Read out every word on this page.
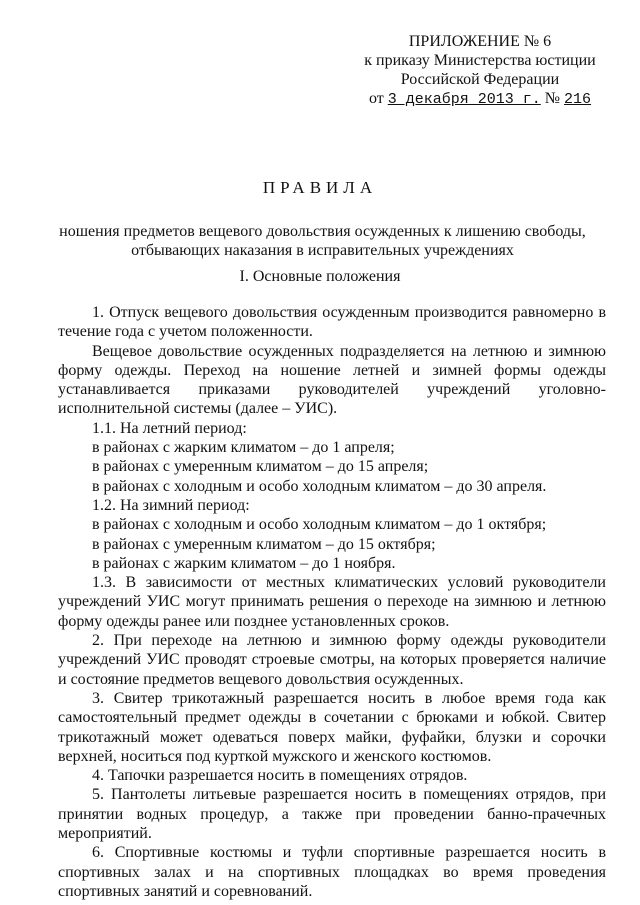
ПРИЛОЖЕНИЕ № 6
к приказу Министерства юстиции
Российской Федерации
от 3 декабря 2013 г. № 216
ПРАВИЛА
ношения предметов вещевого довольствия осужденных к лишению свободы, отбывающих наказания в исправительных учреждениях
I. Основные положения

1. Отпуск вещевого довольствия осужденным производится равномерно в течение года с учетом положенности.

Вещевое довольствие осужденных подразделяется на летнюю и зимнюю форму одежды. Переход на ношение летней и зимней формы одежды устанавливается приказами руководителей учреждений уголовно-исполнительной системы (далее – УИС).

1.1. На летний период:

в районах с жарким климатом – до 1 апреля;

в районах с умеренным климатом – до 15 апреля;

в районах с холодным и особо холодным климатом – до 30 апреля.

1.2. На зимний период:

в районах с холодным и особо холодным климатом – до 1 октября;

в районах с умеренным климатом – до 15 октября;

в районах с жарким климатом – до 1 ноября.

1.3. В зависимости от местных климатических условий руководители учреждений УИС могут принимать решения о переходе на зимнюю и летнюю форму одежды ранее или позднее установленных сроков.

2. При переходе на летнюю и зимнюю форму одежды руководители учреждений УИС проводят строевые смотры, на которых проверяется наличие и состояние предметов вещевого довольствия осужденных.

3. Свитер трикотажный разрешается носить в любое время года как самостоятельный предмет одежды в сочетании с брюками и юбкой. Свитер трикотажный может одеваться поверх майки, фуфайки, блузки и сорочки верхней, носиться под курткой мужского и женского костюмов.

4. Тапочки разрешается носить в помещениях отрядов.

5. Пантолеты литьевые разрешается носить в помещениях отрядов, при принятии водных процедур, а также при проведении банно-прачечных мероприятий.

6. Спортивные костюмы и туфли спортивные разрешается носить в спортивных залах и на спортивных площадках во время проведения спортивных занятий и соревнований.
